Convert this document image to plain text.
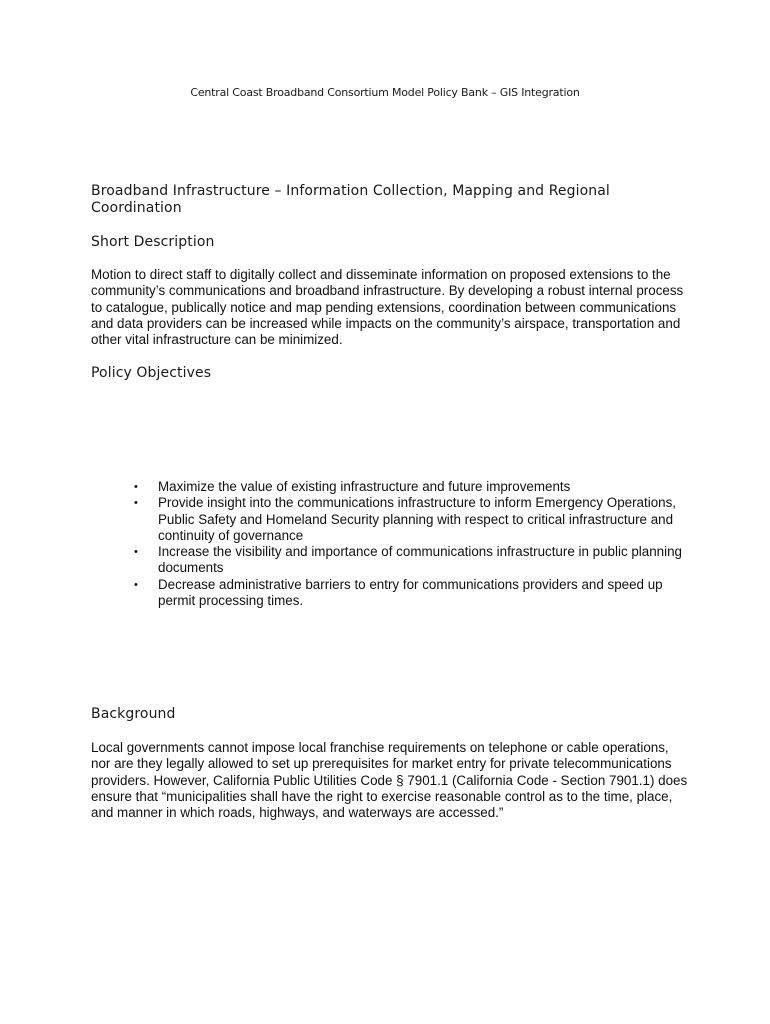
Central Coast Broadband Consortium Model Policy Bank – GIS Integration
Broadband Infrastructure – Information Collection, Mapping and Regional Coordination
Short Description
Motion to direct staff to digitally collect and disseminate information on proposed extensions to the community’s communications and broadband infrastructure. By developing a robust internal process to catalogue, publically notice and map pending extensions, coordination between communications and data providers can be increased while impacts on the community’s airspace, transportation and other vital infrastructure can be minimized.
Policy Objectives
• Maximize the value of existing infrastructure and future improvements
• Provide insight into the communications infrastructure to inform Emergency Operations, Public Safety and Homeland Security planning with respect to critical infrastructure and continuity of governance
• Increase the visibility and importance of communications infrastructure in public planning documents
• Decrease administrative barriers to entry for communications providers and speed up permit processing times.
Background
Local governments cannot impose local franchise requirements on telephone or cable operations, nor are they legally allowed to set up prerequisites for market entry for private telecommunications providers. However, California Public Utilities Code § 7901.1 (California Code - Section 7901.1) does ensure that “municipalities shall have the right to exercise reasonable control as to the time, place, and manner in which roads, highways, and waterways are accessed.”
